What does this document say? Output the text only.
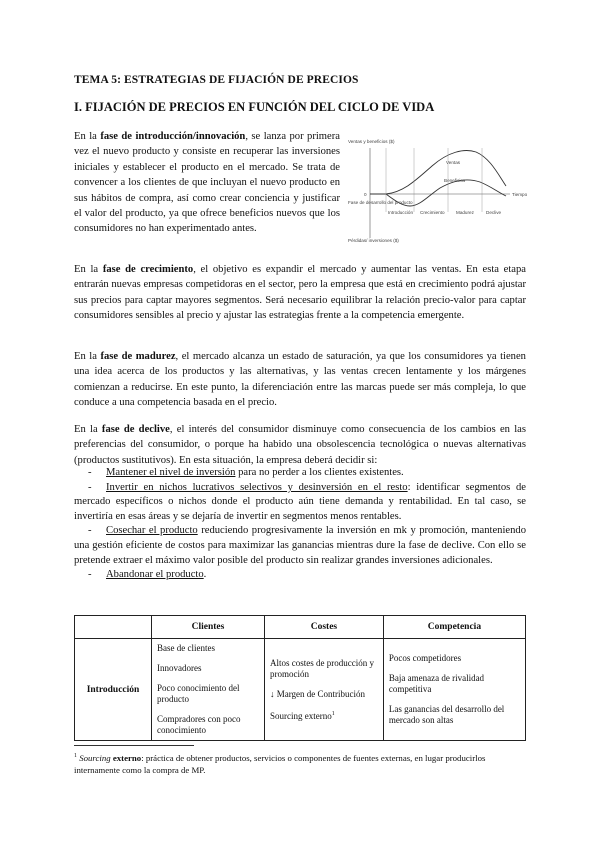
TEMA 5: ESTRATEGIAS DE FIJACIÓN DE PRECIOS
I. FIJACIÓN DE PRECIOS EN FUNCIÓN DEL CICLO DE VIDA

En la fase de introducción/innovación, se lanza por primera vez el nuevo producto y consiste en recuperar las inversiones iniciales y establecer el producto en el mercado. Se trata de convencer a los clientes de que incluyan el nuevo producto en sus hábitos de compra, así como crear conciencia y justificar el valor del producto, ya que ofrece beneficios nuevos que los consumidores no han experimentado antes.

Ventas y beneficios ($)
0	Tiempo
Ventas
Beneficios
Fase de desarrollo del producto
Introducción Crecimiento Madurez	Declive
Pérdidas/ inversiones ($)

En la fase de crecimiento, el objetivo es expandir el mercado y aumentar las ventas. En esta etapa entrarán nuevas empresas competidoras en el sector, pero la empresa que está en crecimiento podrá ajustar sus precios para captar mayores segmentos. Será necesario equilibrar la relación precio-valor para captar consumidores sensibles al precio y ajustar las estrategias frente a la competencia emergente.

En la fase de madurez, el mercado alcanza un estado de saturación, ya que los consumidores ya tienen una idea acerca de los productos y las alternativas, y las ventas crecen lentamente y los márgenes comienzan a reducirse. En este punto, la diferenciación entre las marcas puede ser más compleja, lo que conduce a una competencia basada en el precio.

En la fase de declive, el interés del consumidor disminuye como consecuencia de los cambios en las preferencias del consumidor, o porque ha habido una obsolescencia tecnológica o nuevas alternativas (productos sustitutivos). En esta situación, la empresa deberá decidir si:

- Mantener el nivel de inversión para no perder a los clientes existentes.
- Invertir en nichos lucrativos selectivos y desinversión en el resto: identificar segmentos de mercado específicos o nichos donde el producto aún tiene demanda y rentabilidad. En tal caso, se invertiría en esas áreas y se dejaría de invertir en segmentos menos rentables.
- Cosechar el producto reduciendo progresivamente la inversión en mk y promoción, manteniendo una gestión eficiente de costos para maximizar las ganancias mientras dure la fase de declive. Con ello se pretende extraer el máximo valor posible del producto sin realizar grandes inversiones adicionales.
- Abandonar el producto.
	Clientes	Costes	Competencia
Introducción	Base de clientes
Innovadores
Poco conocimiento del producto
Compradores con poco conocimiento	Altos costes de producción y promoción
↓ Margen de Contribución
Sourcing externo$^1$	Pocos competidores
Baja amenaza de rivalidad competitiva
Las ganancias del desarrollo del mercado son altas
$^1$ Sourcing externo: práctica de obtener productos, servicios o componentes de fuentes externas, en lugar producirlos internamente como la compra de MP.
